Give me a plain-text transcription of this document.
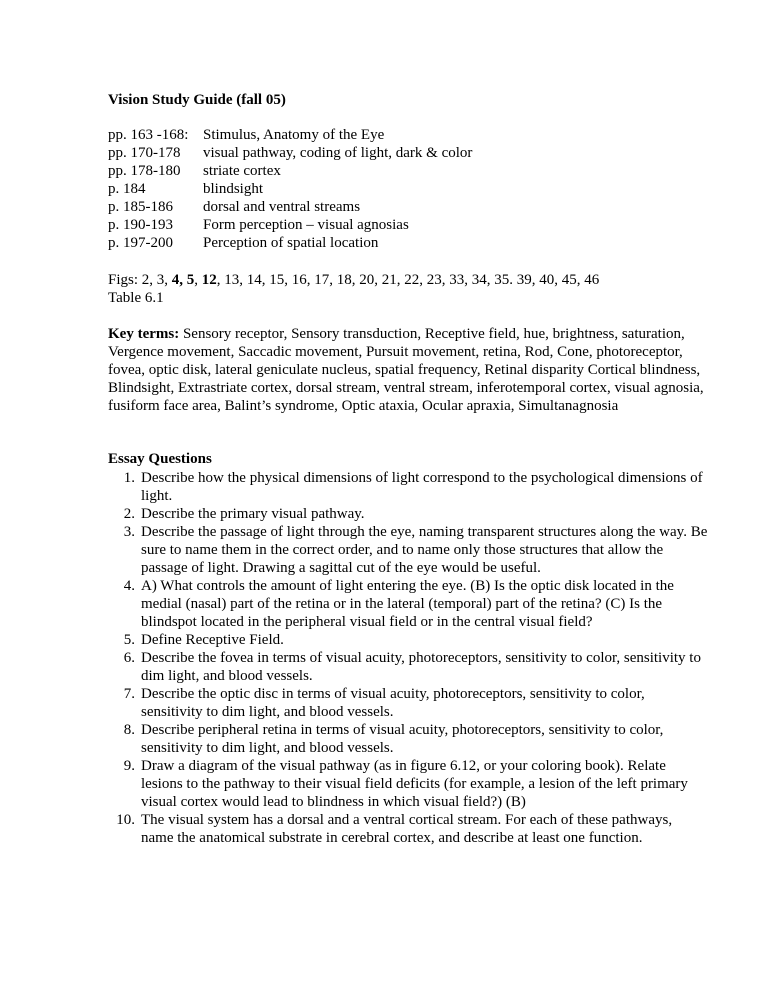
Vision Study Guide (fall 05)
pp. 163 -168: Stimulus, Anatomy of the Eye
pp. 170-178	visual pathway, coding of light, dark & color
pp. 178-180	striate cortex
p. 184	blindsight
p. 185-186	dorsal and ventral streams
p. 190-193	Form perception – visual agnosias
p. 197-200	Perception of spatial location
Figs: 2, 3, 4, 5, 12, 13, 14, 15, 16, 17, 18, 20, 21, 22, 23, 33, 34, 35. 39, 40, 45, 46
Table 6.1
Key terms: Sensory receptor, Sensory transduction, Receptive field, hue, brightness, saturation, Vergence movement, Saccadic movement, Pursuit movement, retina, Rod, Cone, photoreceptor, fovea, optic disk, lateral geniculate nucleus, spatial frequency, Retinal disparity Cortical blindness, Blindsight, Extrastriate cortex, dorsal stream, ventral stream, inferotemporal cortex, visual agnosia, fusiform face area, Balint’s syndrome, Optic ataxia, Ocular apraxia, Simultanagnosia
Essay Questions
1. Describe how the physical dimensions of light correspond to the psychological dimensions of light.
2. Describe the primary visual pathway.
3. Describe the passage of light through the eye, naming transparent structures along the way. Be sure to name them in the correct order, and to name only those structures that allow the passage of light. Drawing a sagittal cut of the eye would be useful.
4. A) What controls the amount of light entering the eye. (B) Is the optic disk located in the medial (nasal) part of the retina or in the lateral (temporal) part of the retina? (C) Is the blindspot located in the peripheral visual field or in the central visual field?
5. Define Receptive Field.
6. Describe the fovea in terms of visual acuity, photoreceptors, sensitivity to color, sensitivity to dim light, and blood vessels.
7. Describe the optic disc in terms of visual acuity, photoreceptors, sensitivity to color, sensitivity to dim light, and blood vessels.
8. Describe peripheral retina in terms of visual acuity, photoreceptors, sensitivity to color, sensitivity to dim light, and blood vessels.
9. Draw a diagram of the visual pathway (as in figure 6.12, or your coloring book). Relate lesions to the pathway to their visual field deficits (for example, a lesion of the left primary visual cortex would lead to blindness in which visual field?) (B)
10. The visual system has a dorsal and a ventral cortical stream. For each of these pathways, name the anatomical substrate in cerebral cortex, and describe at least one function.
